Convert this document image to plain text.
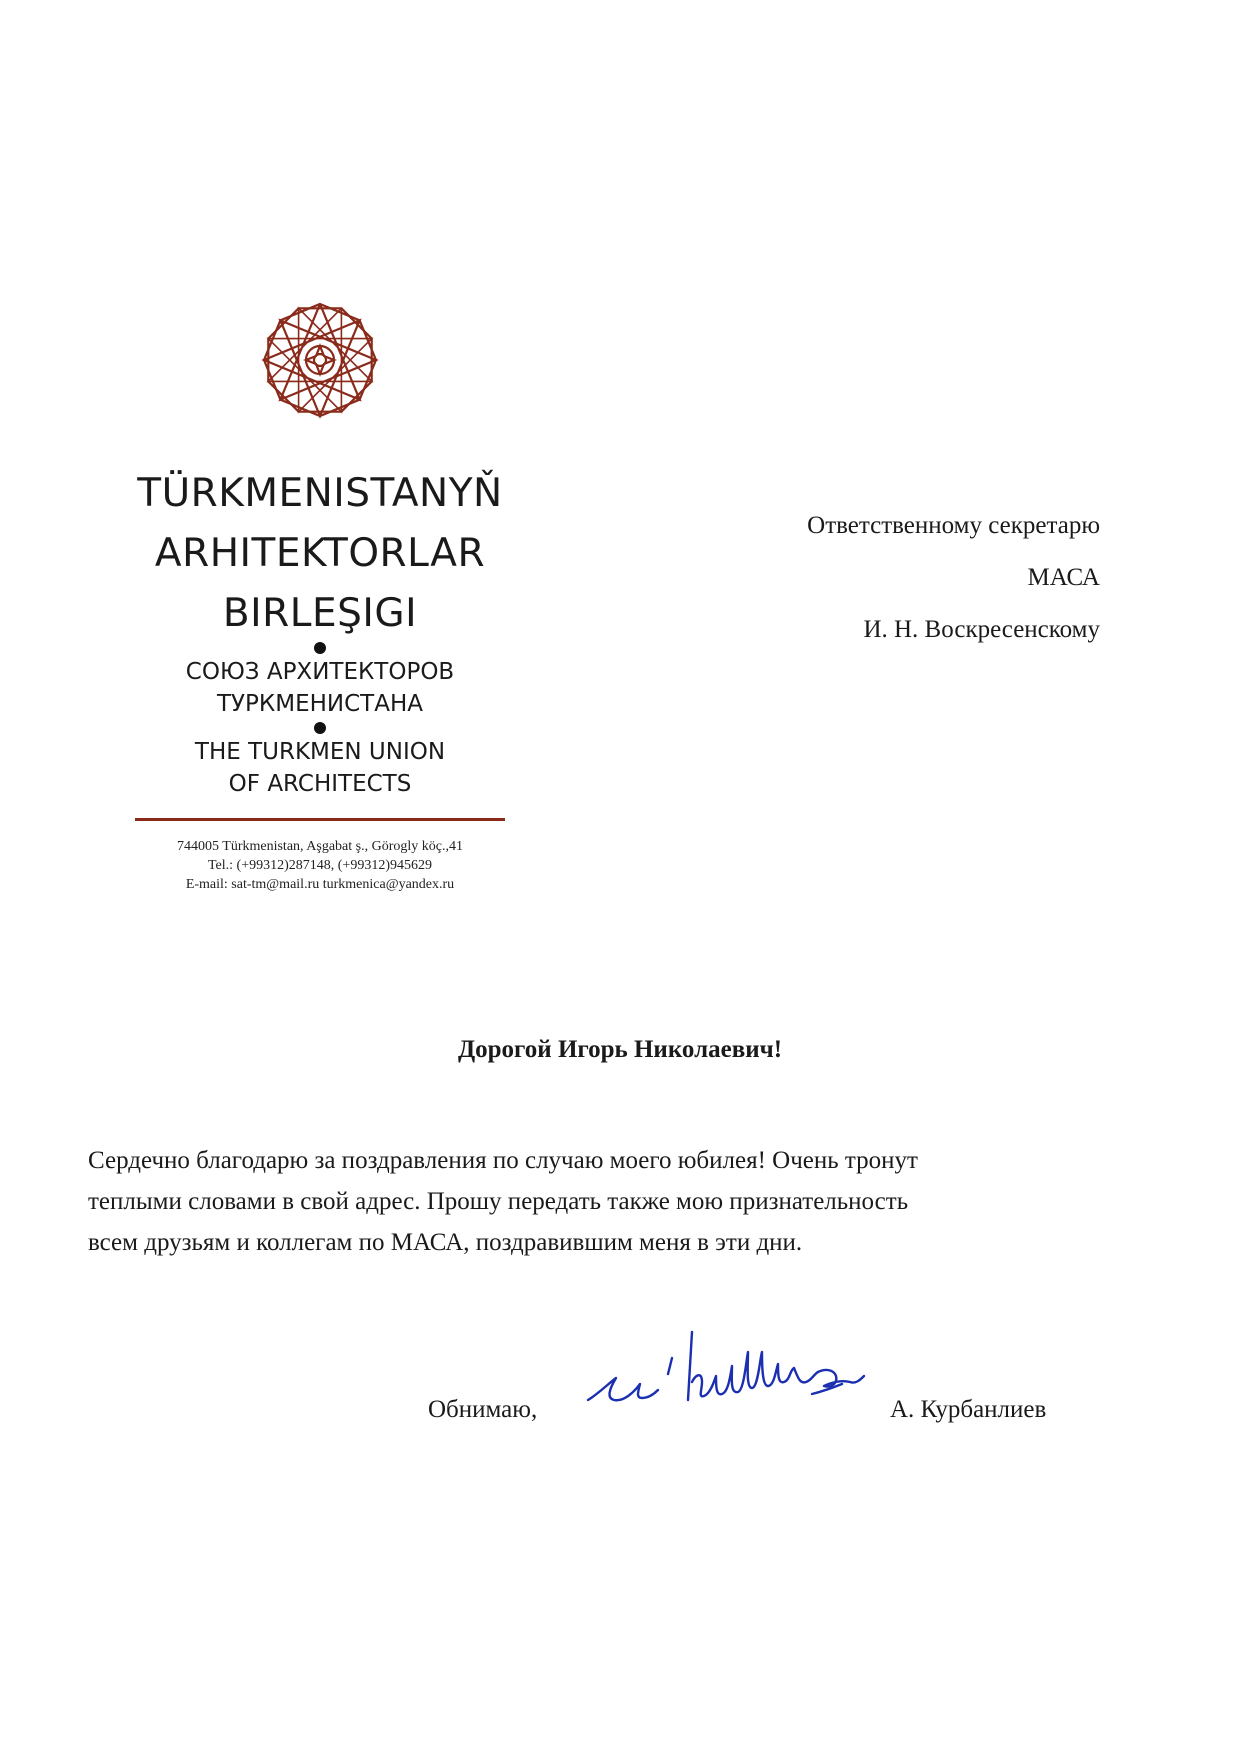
TÜRKMENISTANYŇ
ARHITEKTORLAR
BIRLEŞIGI
СОЮЗ АРХИТЕКТОРОВ
ТУРКМЕНИСТАНА
THE TURKMEN UNION
OF ARCHITECTS
744005 Türkmenistan, Aşgabat ş., Görogly köç.,41
Tel.: (+99312)287148, (+99312)945629
E-mail: sat-tm@mail.ru turkmenica@yandex.ru
Ответственному секретарю
МАСА
И. Н. Воскресенскому
Дорогой Игорь Николаевич!
Сердечно благодарю за поздравления по случаю моего юбилея! Очень тронут
теплыми словами в свой адрес. Прошу передать также мою признательность
всем друзьям и коллегам по МАСА, поздравившим меня в эти дни.
Обнимаю,	А. Курбанлиев
